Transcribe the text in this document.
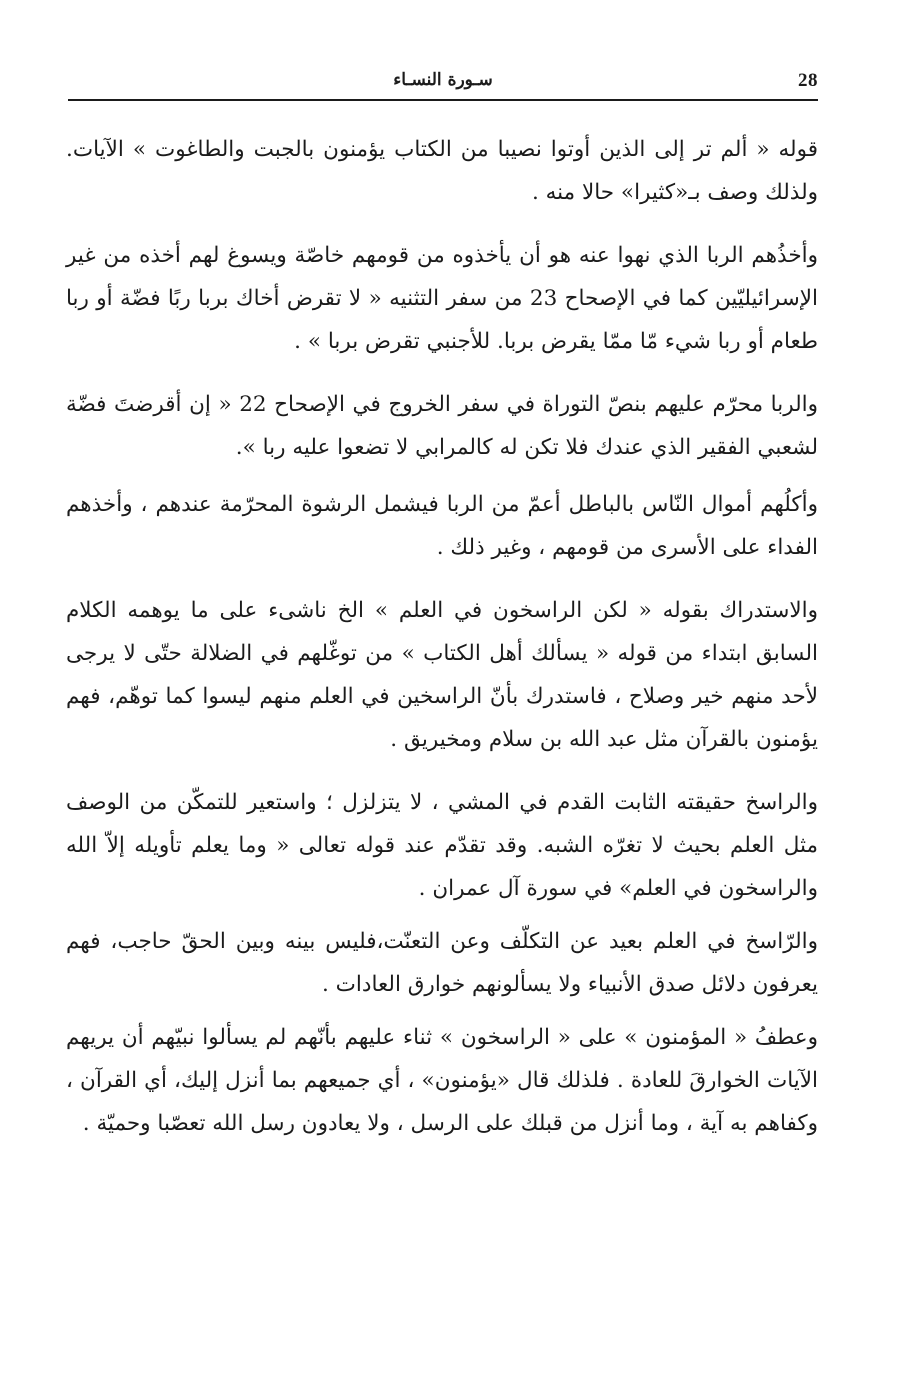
28
سـورة النسـاء

قوله « ألم تر إلى الذين أوتوا نصيبا من الكتاب يؤمنون بالجبت والطاغوت » الآيات. ولذلك وصف بـ«كثيرا» حالا منه .

وأخذُهم الربا الذي نهوا عنه هو أن يأخذوه من قومهم خاصّة ويسوغ لهم أخذه من غير الإسرائيليّين كما في الإصحاح 23 من سفر التثنيه « لا تقرض أخاك بربا ربًا فضّة أو ربا طعام أو ربا شيء مّا ممّا يقرض بربا. للأجنبي تقرض بربا » .

والربا محرّم عليهم بنصّ التوراة في سفر الخروج في الإصحاح 22 « إن أقرضتَ فضّة لشعبي الفقير الذي عندك فلا تكن له كالمرابي لا تضعوا عليه ربا ».

وأكلُهم أموال النّاس بالباطل أعمّ من الربا فيشمل الرشوة المحرّمة عندهم ، وأخذهم الفداء على الأسرى من قومهم ، وغير ذلك .

والاستدراك بقوله « لكن الراسخون في العلم » الخ ناشىء على ما يوهمه الكلام السابق ابتداء من قوله « يسألك أهل الكتاب » من توغّلهم في الضلالة حتّى لا يرجى لأحد منهم خير وصلاح ، فاستدرك بأنّ الراسخين في العلم منهم ليسوا كما توهّم، فهم يؤمنون بالقرآن مثل عبد الله بن سلام ومخيريق .

والراسخ حقيقته الثابت القدم في المشي ، لا يتزلزل ؛ واستعير للتمكّن من الوصف مثل العلم بحيث لا تغرّه الشبه. وقد تقدّم عند قوله تعالى « وما يعلم تأويله إلاّ الله والراسخون في العلم» في سورة آل عمران .

والرّاسخ في العلم بعيد عن التكلّف وعن التعنّت،فليس بينه وبين الحقّ حاجب، فهم يعرفون دلائل صدق الأنبياء ولا يسألونهم خوارق العادات .

وعطفُ « المؤمنون » على « الراسخون » ثناء عليهم بأنّهم لم يسألوا نبيّهم أن يريهم الآيات الخوارقَ للعادة . فلذلك قال «يؤمنون» ، أي جميعهم بما أنزل إليك، أي القرآن ، وكفاهم به آية ، وما أنزل من قبلك على الرسل ، ولا يعادون رسل الله تعصّبا وحميّة .
